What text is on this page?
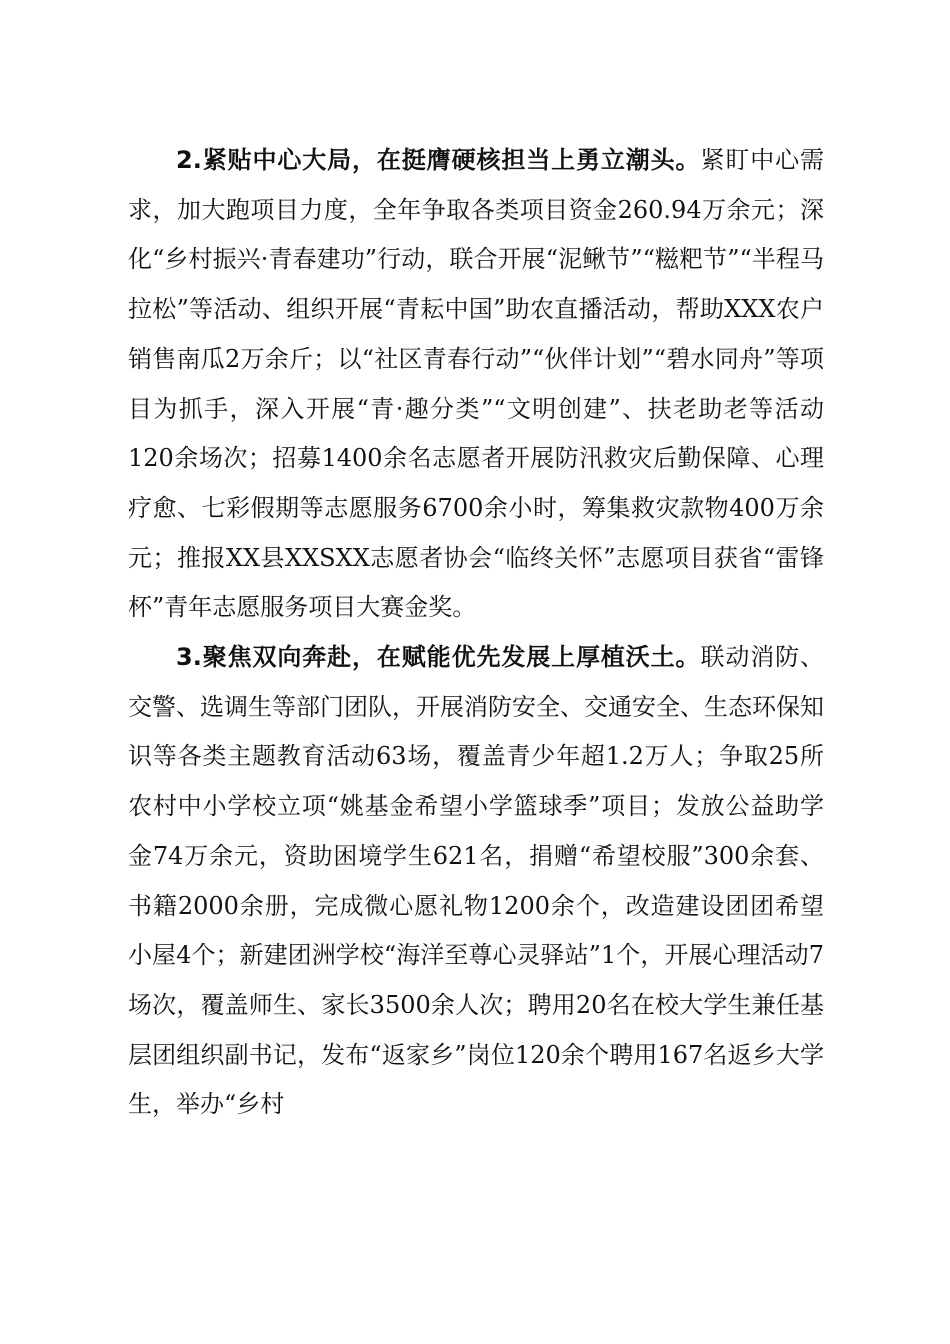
2.紧贴中心大局，在挺膺硬核担当上勇立潮头。紧盯中心需求，加大跑项目力度，全年争取各类项目资金260.94万余元；深化“乡村振兴·青春建功”行动，联合开展“泥鳅节”“糍粑节”“半程马拉松”等活动、组织开展“青耘中国”助农直播活动，帮助XXX农户销售南瓜2万余斤；以“社区青春行动”“伙伴计划”“碧水同舟”等项目为抓手，深入开展“青·趣分类”“文明创建”、扶老助老等活动120余场次；招募1400余名志愿者开展防汛救灾后勤保障、心理疗愈、七彩假期等志愿服务6700余小时，筹集救灾款物400万余元；推报XX县XXSXX志愿者协会“临终关怀”志愿项目获省“雷锋杯”青年志愿服务项目大赛金奖。

3.聚焦双向奔赴，在赋能优先发展上厚植沃土。联动消防、交警、选调生等部门团队，开展消防安全、交通安全、生态环保知识等各类主题教育活动63场，覆盖青少年超1.2万人；争取25所农村中小学校立项“姚基金希望小学篮球季”项目；发放公益助学金74万余元，资助困境学生621名，捐赠“希望校服”300余套、书籍2000余册，完成微心愿礼物1200余个，改造建设团团希望小屋4个；新建团洲学校“海洋至尊心灵驿站”1个，开展心理活动7场次，覆盖师生、家长3500余人次；聘用20名在校大学生兼任基层团组织副书记，发布“返家乡”岗位120余个聘用167名返乡大学生，举办“乡村
